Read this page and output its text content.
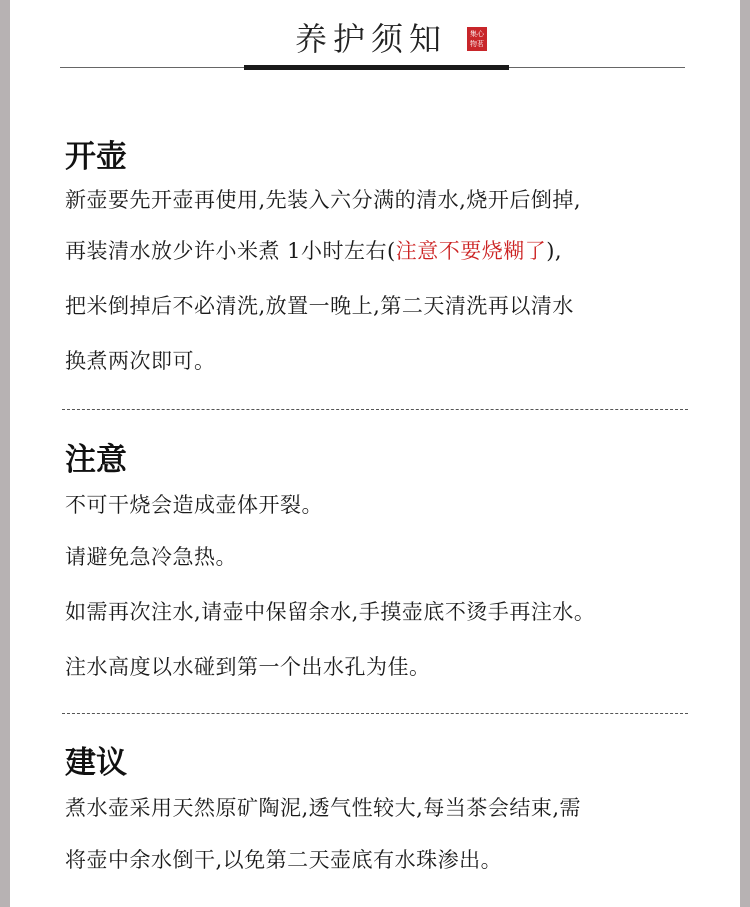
养护须知	集心
物茗
开壶
新壶要先开壶再使用,先装入六分满的清水,烧开后倒掉,
再装清水放少许小米煮 1小时左右(注意不要烧糊了),
把米倒掉后不必清洗,放置一晚上,第二天清洗再以清水
换煮两次即可。
注意
不可干烧会造成壶体开裂。
请避免急冷急热。
如需再次注水,请壶中保留余水,手摸壶底不烫手再注水。
注水高度以水碰到第一个出水孔为佳。
建议
煮水壶采用天然原矿陶泥,透气性较大,每当茶会结束,需
将壶中余水倒干,以免第二天壶底有水珠渗出。
